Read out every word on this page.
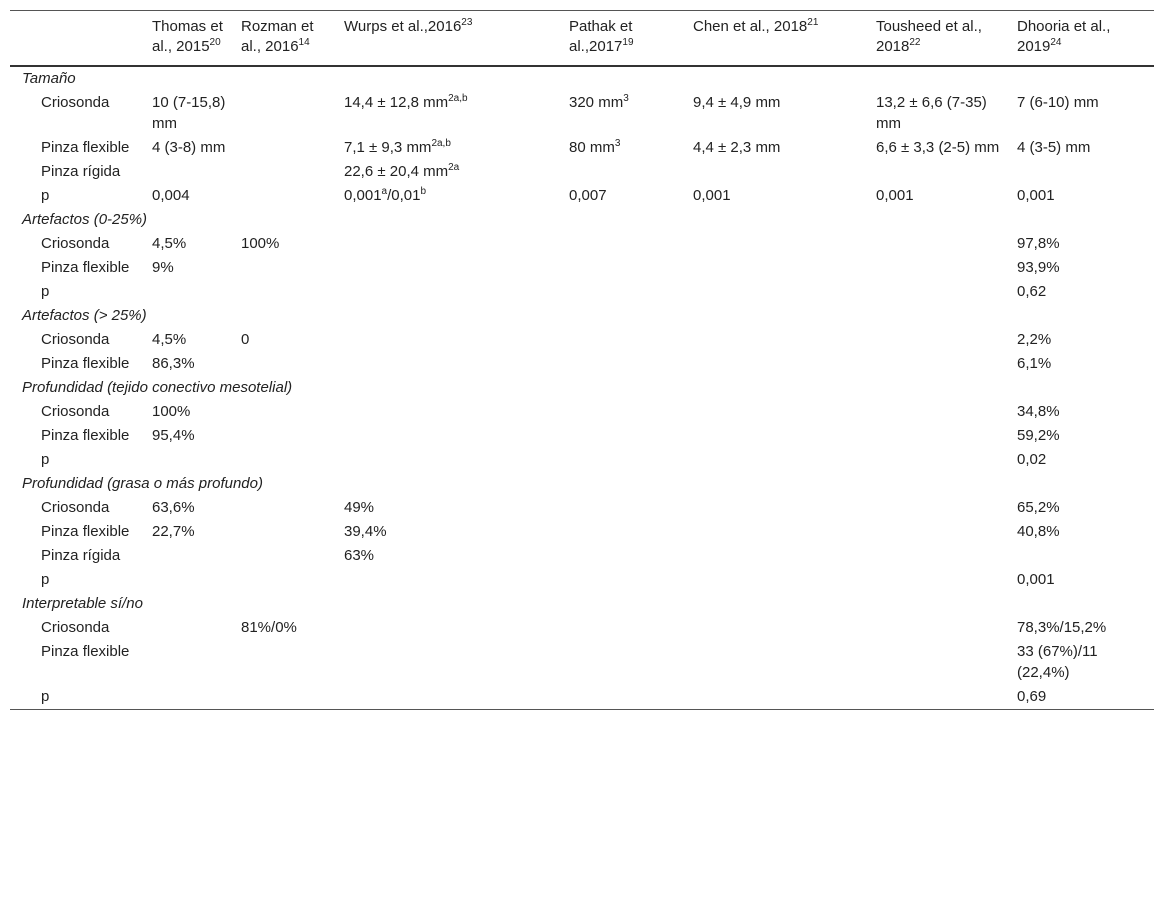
	Thomas et al., 2015$^{20}$	Rozman et al., 2016$^{14}$	Wurps et al.,2016$^{23}$	Pathak et al.,2017$^{19}$	Chen et al., 2018$^{21}$	Tousheed et al., 2018$^{22}$	Dhooria et al., 2019$^{24}$
Tamaño							
Criosonda	10 (7-15,8) mm		14,4 ± 12,8 $mm^{2a,b}$	320 $mm^3$	9,4 ± 4,9 mm	13,2 ± 6,6 (7-35) mm	7 (6-10) mm
Pinza flexible	4 (3-8) mm		7,1 ± 9,3 $mm^{2a,b}$	80 $mm^3$	4,4 ± 2,3 mm	6,6 ± 3,3 (2-5) mm	4 (3-5) mm
Pinza rígida			22,6 ± 20,4 $mm^{2a}$				
p	0,004		0,001$^a$/0,01$^b$	0,007	0,001	0,001	0,001
Artefactos (0-25%)							
Criosonda	4,5%	100%					97,8%
Pinza flexible	9%						93,9%
p							0,62
Artefactos (> 25%)							
Criosonda	4,5%	0					2,2%
Pinza flexible	86,3%						6,1%
Profundidad (tejido conectivo mesotelial)							
Criosonda	100%						34,8%
Pinza flexible	95,4%						59,2%
p							0,02
Profundidad (grasa o más profundo)							
Criosonda	63,6%		49%				65,2%
Pinza flexible	22,7%		39,4%				40,8%
Pinza rígida			63%				
p							0,001
Interpretable sí/no							
Criosonda		81%/0%					78,3%/15,2%
Pinza flexible							33 (67%)/11 (22,4%)
p							0,69
